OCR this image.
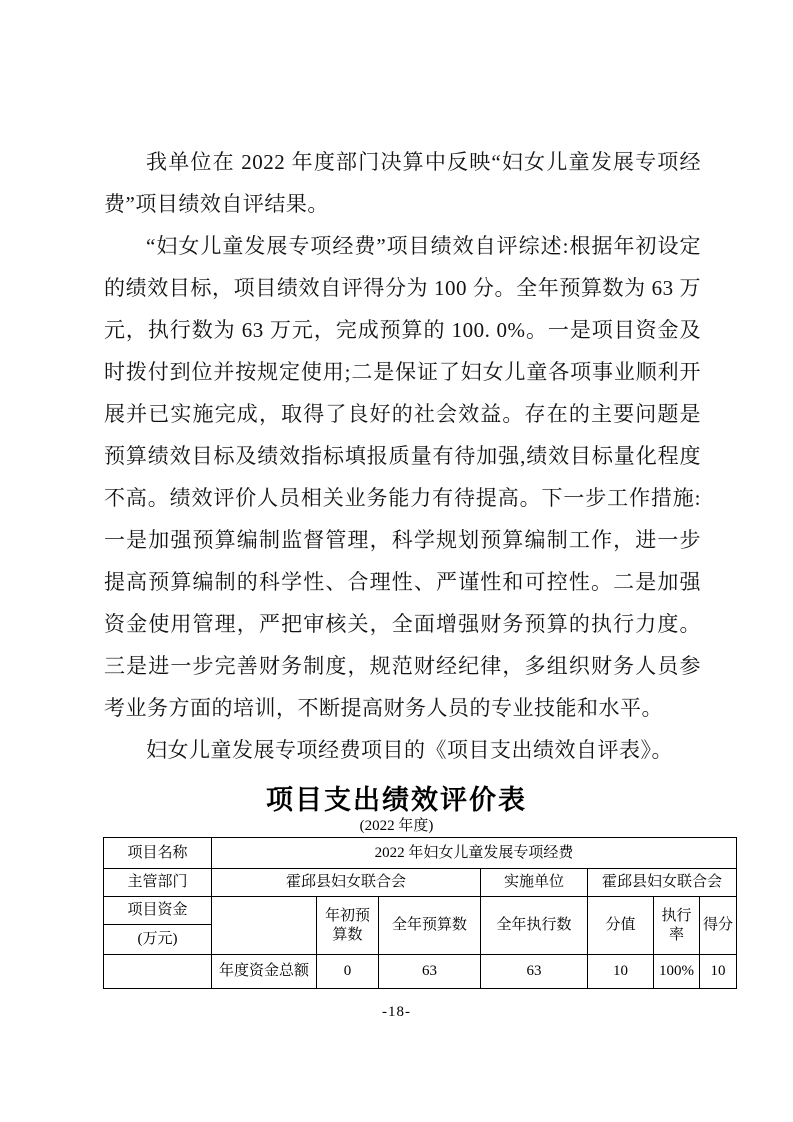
我单位在 2022 年度部门决算中反映“妇女儿童发展专项经费”项目绩效自评结果。

“妇女儿童发展专项经费”项目绩效自评综述:根据年初设定的绩效目标，项目绩效自评得分为 100 分。全年预算数为 63 万元，执行数为 63 万元，完成预算的 100. 0%。一是项目资金及时拨付到位并按规定使用;二是保证了妇女儿童各项事业顺利开展并已实施完成，取得了良好的社会效益。存在的主要问题是预算绩效目标及绩效指标填报质量有待加强,绩效目标量化程度不高。绩效评价人员相关业务能力有待提高。下一步工作措施:一是加强预算编制监督管理，科学规划预算编制工作，进一步提高预算编制的科学性、合理性、严谨性和可控性。二是加强资金使用管理，严把审核关，全面增强财务预算的执行力度。三是进一步完善财务制度，规范财经纪律，多组织财务人员参考业务方面的培训，不断提高财务人员的专业技能和水平。

妇女儿童发展专项经费项目的《项目支出绩效自评表》。

项目支出绩效评价表
(2022 年度)
项目名称	2022 年妇女儿童发展专项经费						
主管部门	霍邱县妇女联合会			实施单位	霍邱县妇女联合会		
项目资金		年初预算数	全年预算数	全年执行数	分值	执行率	得分
(万元)							
	年度资金总额	0	63	63	10	100%	10
-18-
